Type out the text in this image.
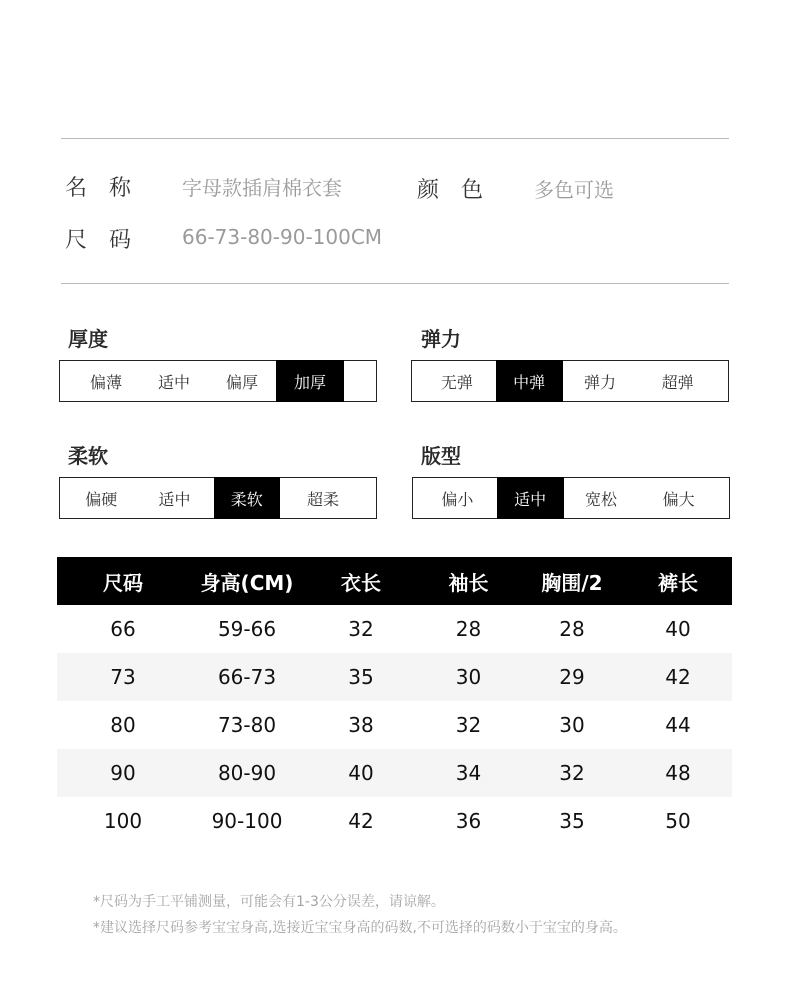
名　称	字母款插肩棉衣套	颜　色	多色可选
尺　码	66-73-80-90-100CM
厚度
偏薄	适中	偏厚	加厚
弹力
无弹	中弹	弹力	超弹
柔软
偏硬	适中	柔软	超柔
版型
偏小	适中	宽松	偏大
尺码	身高(CM)	衣长	袖长	胸围/2	裤长
66	59-66	32	28	28	40
73	66-73	35	30	29	42
80	73-80	38	32	30	44
90	80-90	40	34	32	48
100	90-100	42	36	35	50
*尺码为手工平铺测量，可能会有1-3公分误差，请谅解。
*建议选择尺码参考宝宝身高,选接近宝宝身高的码数,不可选择的码数小于宝宝的身高。
